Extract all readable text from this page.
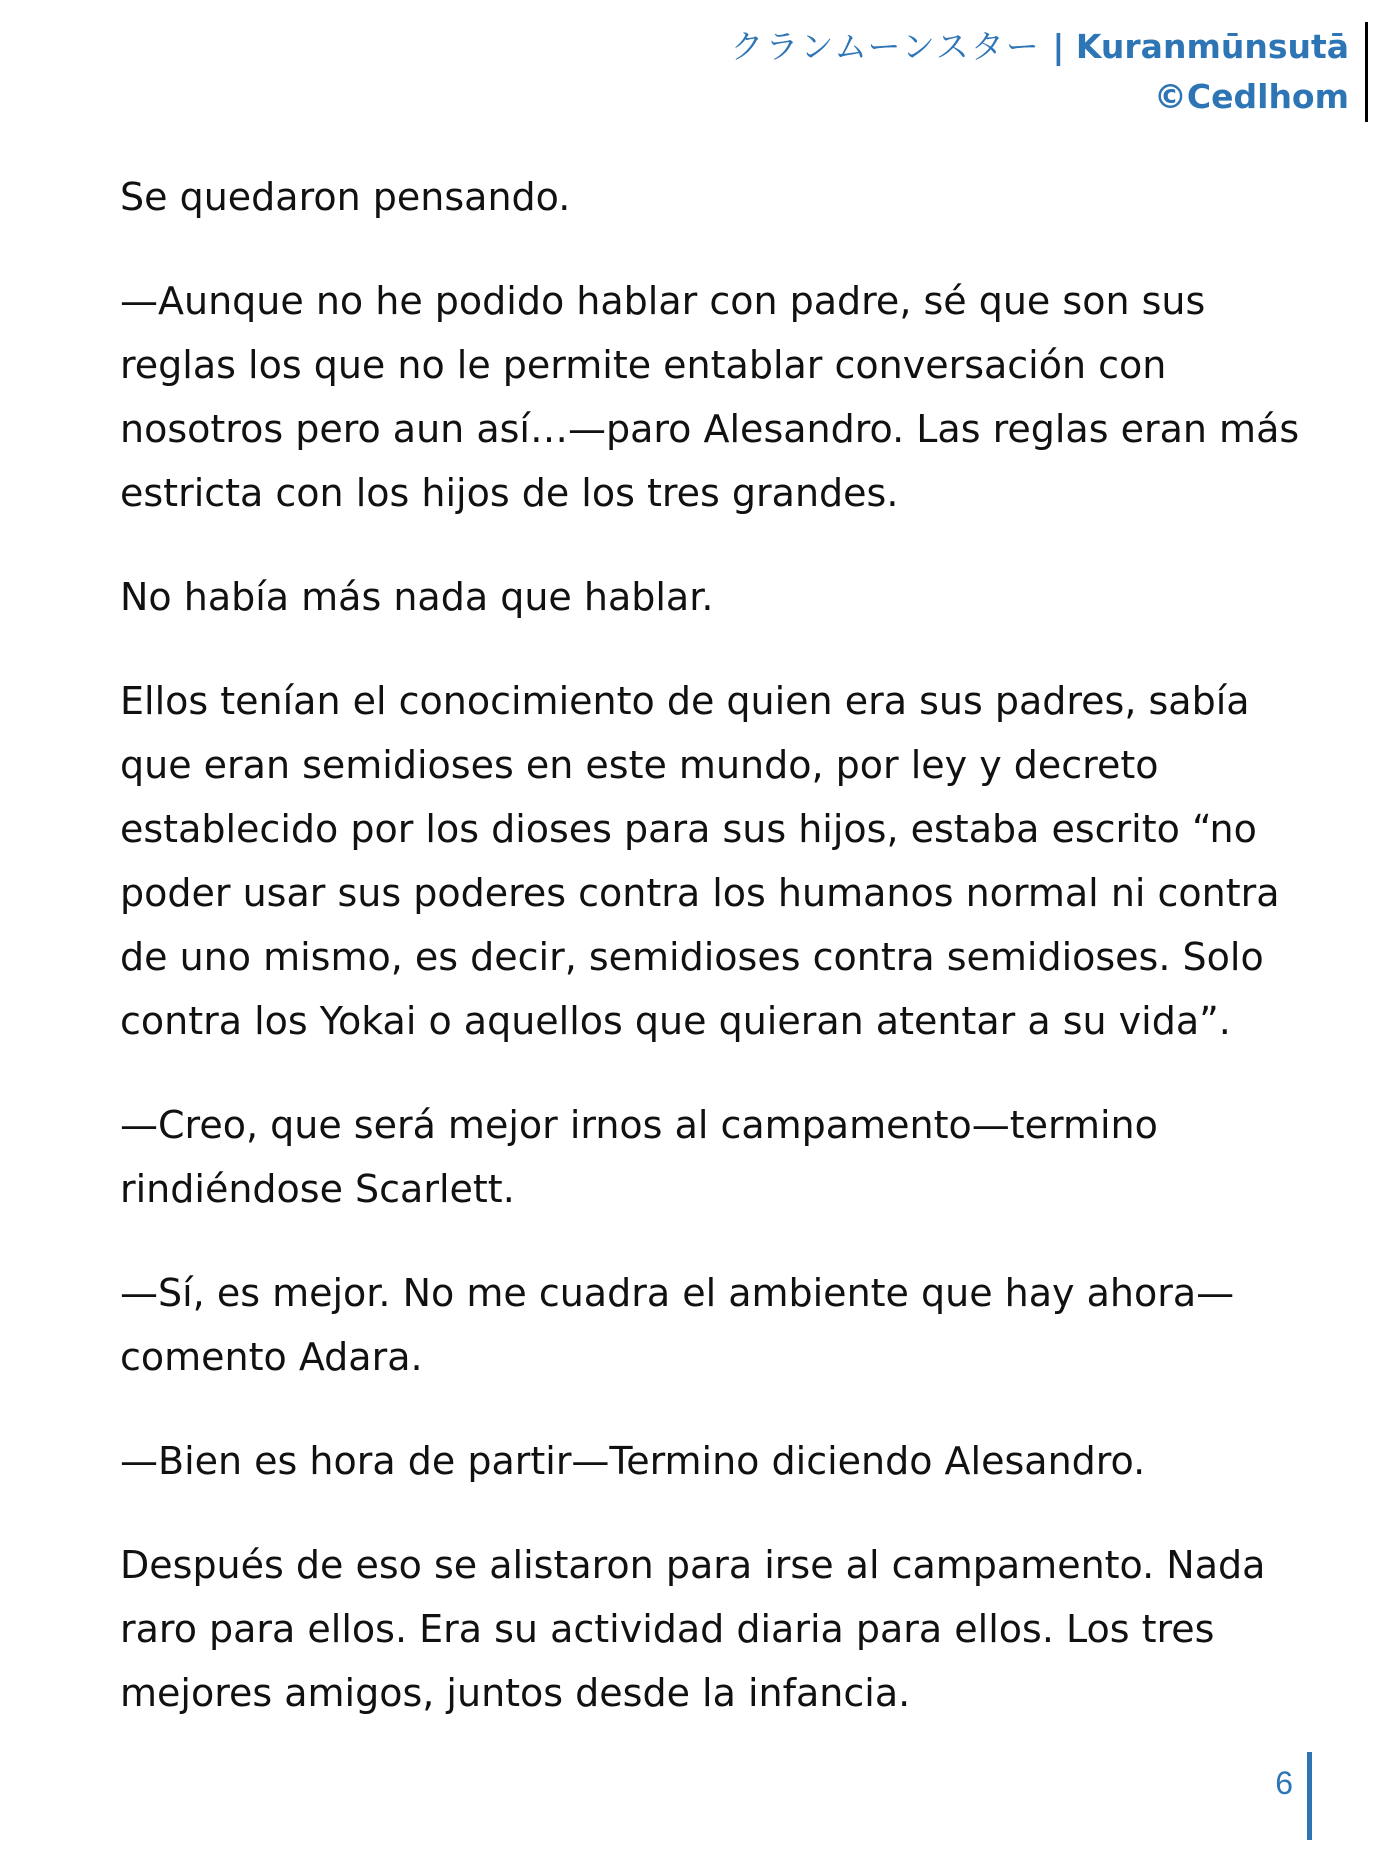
クランムーンスター | Kuranmūnsutā
©Cedlhom

Se quedaron pensando.

—Aunque no he podido hablar con padre, sé que son sus reglas los que no le permite entablar conversación con nosotros pero aun así…—paro Alesandro. Las reglas eran más estricta con los hijos de los tres grandes.

No había más nada que hablar.

Ellos tenían el conocimiento de quien era sus padres, sabía que eran semidioses en este mundo, por ley y decreto establecido por los dioses para sus hijos, estaba escrito “no poder usar sus poderes contra los humanos normal ni contra de uno mismo, es decir, semidioses contra semidioses. Solo contra los Yokai o aquellos que quieran atentar a su vida”.

—Creo, que será mejor irnos al campamento—termino rindiéndose Scarlett.

—Sí, es mejor. No me cuadra el ambiente que hay ahora—comento Adara.

—Bien es hora de partir—Termino diciendo Alesandro.

Después de eso se alistaron para irse al campamento. Nada raro para ellos. Era su actividad diaria para ellos. Los tres mejores amigos, juntos desde la infancia.

6
